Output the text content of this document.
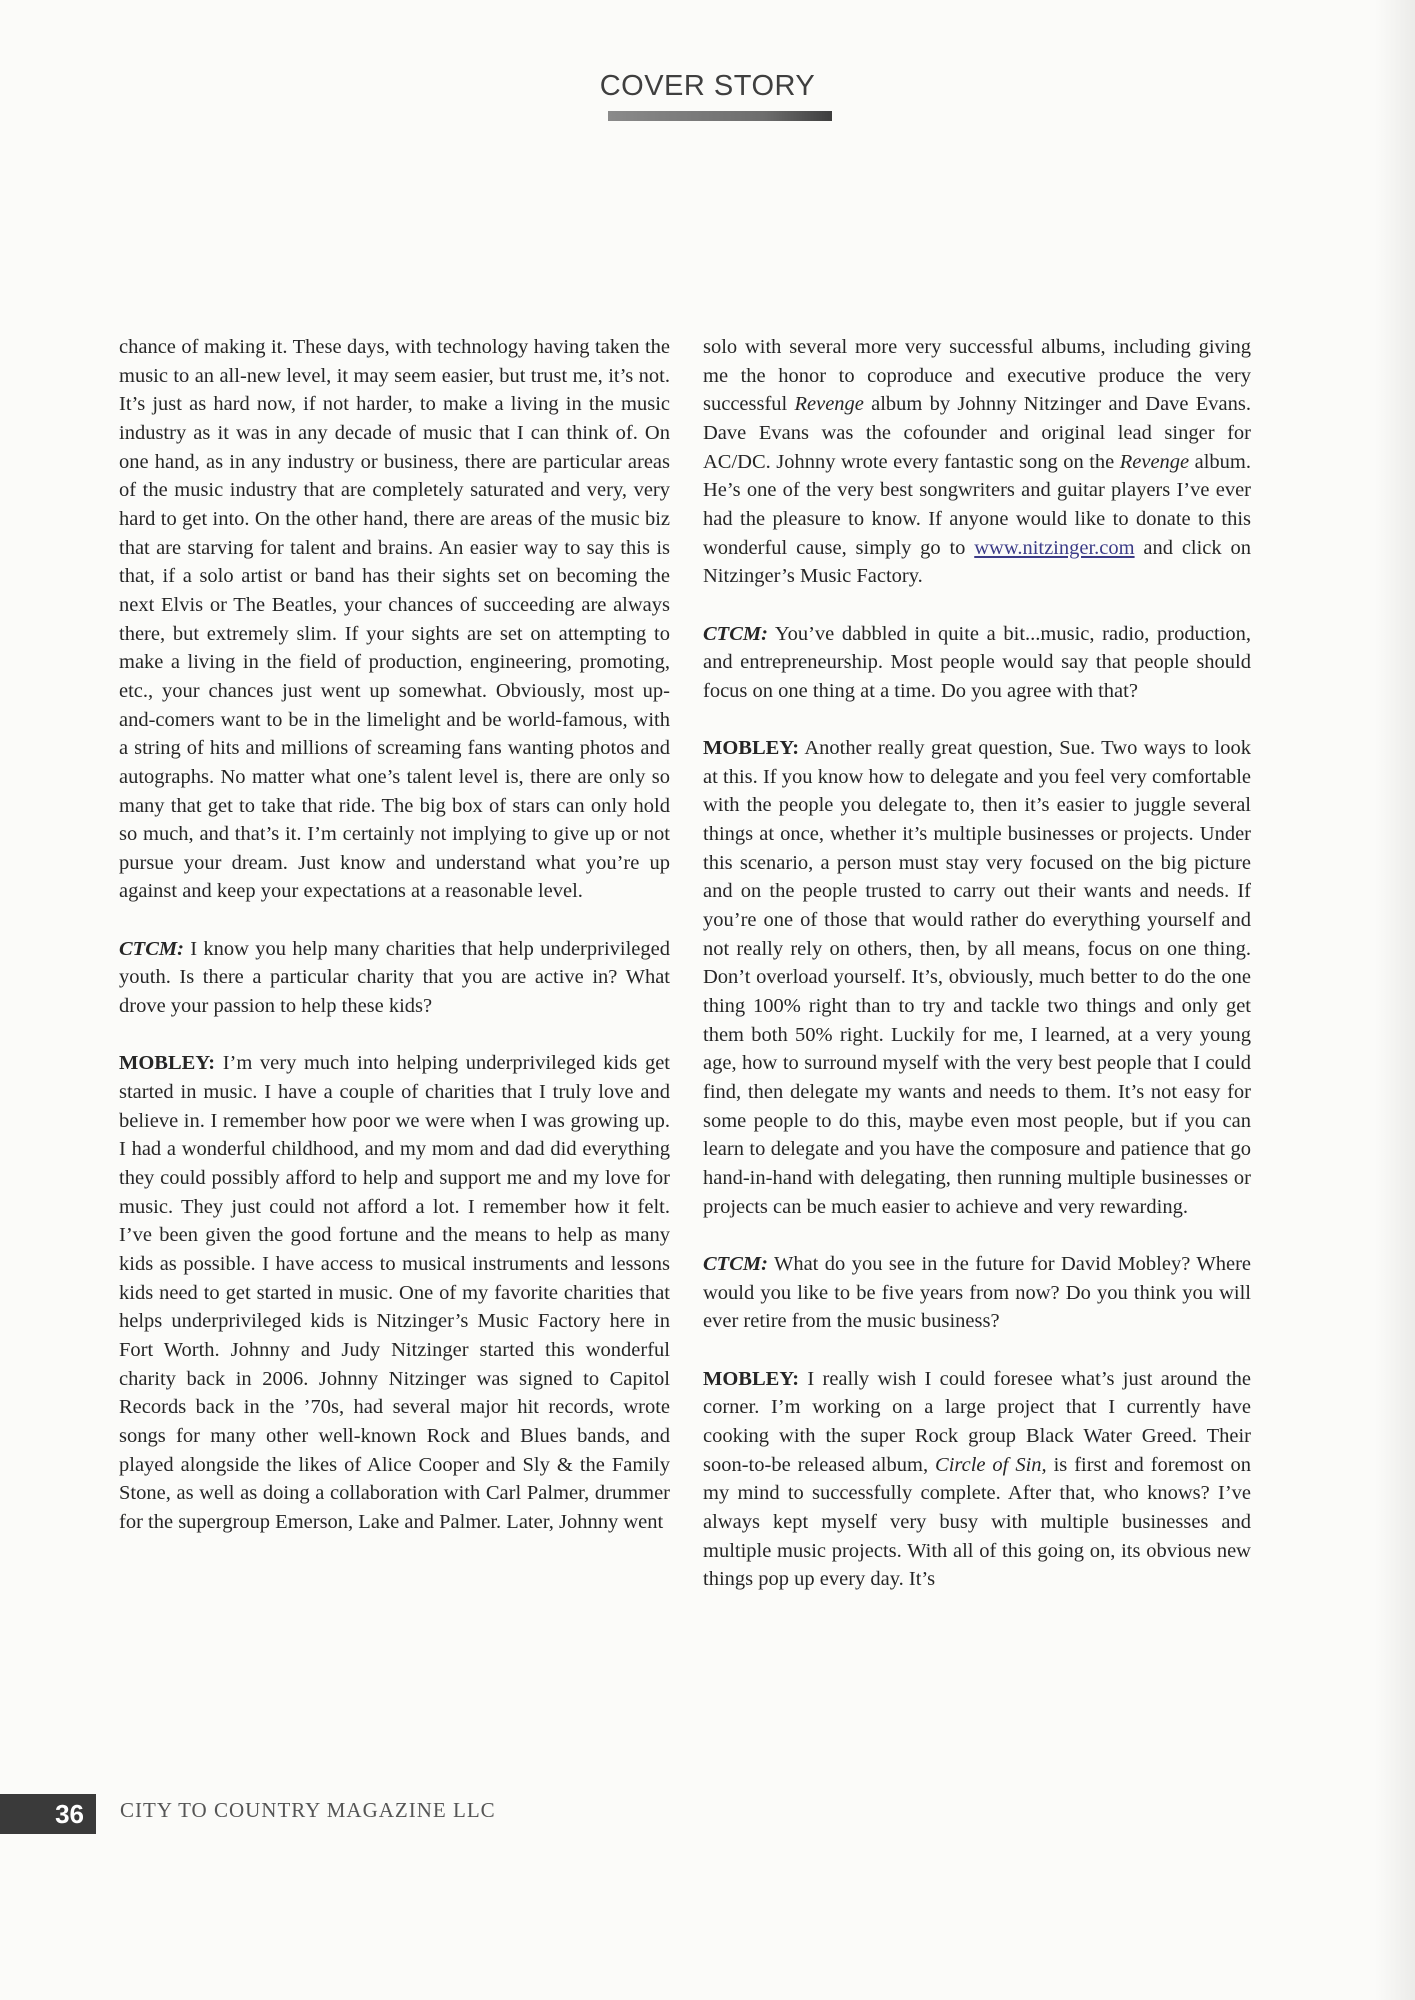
COVER STORY

chance of making it. These days, with technology having taken the music to an all-new level, it may seem easier, but trust me, it’s not. It’s just as hard now, if not harder, to make a living in the music industry as it was in any decade of music that I can think of. On one hand, as in any industry or business, there are particular areas of the music industry that are completely saturated and very, very hard to get into. On the other hand, there are areas of the music biz that are starving for talent and brains. An easier way to say this is that, if a solo artist or band has their sights set on becoming the next Elvis or The Beatles, your chances of succeeding are always there, but extremely slim. If your sights are set on attempting to make a living in the field of production, engineering, promoting, etc., your chances just went up somewhat. Obviously, most up-and-comers want to be in the limelight and be world-famous, with a string of hits and millions of screaming fans wanting photos and autographs. No matter what one’s talent level is, there are only so many that get to take that ride. The big box of stars can only hold so much, and that’s it. I’m certainly not implying to give up or not pursue your dream. Just know and understand what you’re up against and keep your expectations at a reasonable level.

CTCM: I know you help many charities that help underprivileged youth. Is there a particular charity that you are active in? What drove your passion to help these kids?

MOBLEY: I’m very much into helping underprivileged kids get started in music. I have a couple of charities that I truly love and believe in. I remember how poor we were when I was growing up. I had a wonderful childhood, and my mom and dad did everything they could possibly afford to help and support me and my love for music. They just could not afford a lot. I remember how it felt. I’ve been given the good fortune and the means to help as many kids as possible. I have access to musical instruments and lessons kids need to get started in music. One of my favorite charities that helps underprivileged kids is Nitzinger’s Music Factory here in Fort Worth. Johnny and Judy Nitzinger started this wonderful charity back in 2006. Johnny Nitzinger was signed to Capitol Records back in the ’70s, had several major hit records, wrote songs for many other well-known Rock and Blues bands, and played alongside the likes of Alice Cooper and Sly & the Family Stone, as well as doing a collaboration with Carl Palmer, drummer for the supergroup Emerson, Lake and Palmer. Later, Johnny went

solo with several more very successful albums, including giving me the honor to coproduce and executive produce the very successful Revenge album by Johnny Nitzinger and Dave Evans. Dave Evans was the cofounder and original lead singer for AC/DC. Johnny wrote every fantastic song on the Revenge album. He’s one of the very best songwriters and guitar players I’ve ever had the pleasure to know. If anyone would like to donate to this wonderful cause, simply go to www.nitzinger.com and click on Nitzinger’s Music Factory.

CTCM: You’ve dabbled in quite a bit...music, radio, production, and entrepreneurship. Most people would say that people should focus on one thing at a time. Do you agree with that?

MOBLEY: Another really great question, Sue. Two ways to look at this. If you know how to delegate and you feel very comfortable with the people you delegate to, then it’s easier to juggle several things at once, whether it’s multiple businesses or projects. Under this scenario, a person must stay very focused on the big picture and on the people trusted to carry out their wants and needs. If you’re one of those that would rather do everything yourself and not really rely on others, then, by all means, focus on one thing. Don’t overload yourself. It’s, obviously, much better to do the one thing 100% right than to try and tackle two things and only get them both 50% right. Luckily for me, I learned, at a very young age, how to surround myself with the very best people that I could find, then delegate my wants and needs to them. It’s not easy for some people to do this, maybe even most people, but if you can learn to delegate and you have the composure and patience that go hand-in-hand with delegating, then running multiple businesses or projects can be much easier to achieve and very rewarding.

CTCM: What do you see in the future for David Mobley? Where would you like to be five years from now? Do you think you will ever retire from the music business?

MOBLEY: I really wish I could foresee what’s just around the corner. I’m working on a large project that I currently have cooking with the super Rock group Black Water Greed. Their soon-to-be released album, Circle of Sin, is first and foremost on my mind to successfully complete. After that, who knows? I’ve always kept myself very busy with multiple businesses and multiple music projects. With all of this going on, its obvious new things pop up every day. It’s

36	CITY TO COUNTRY MAGAZINE LLC
